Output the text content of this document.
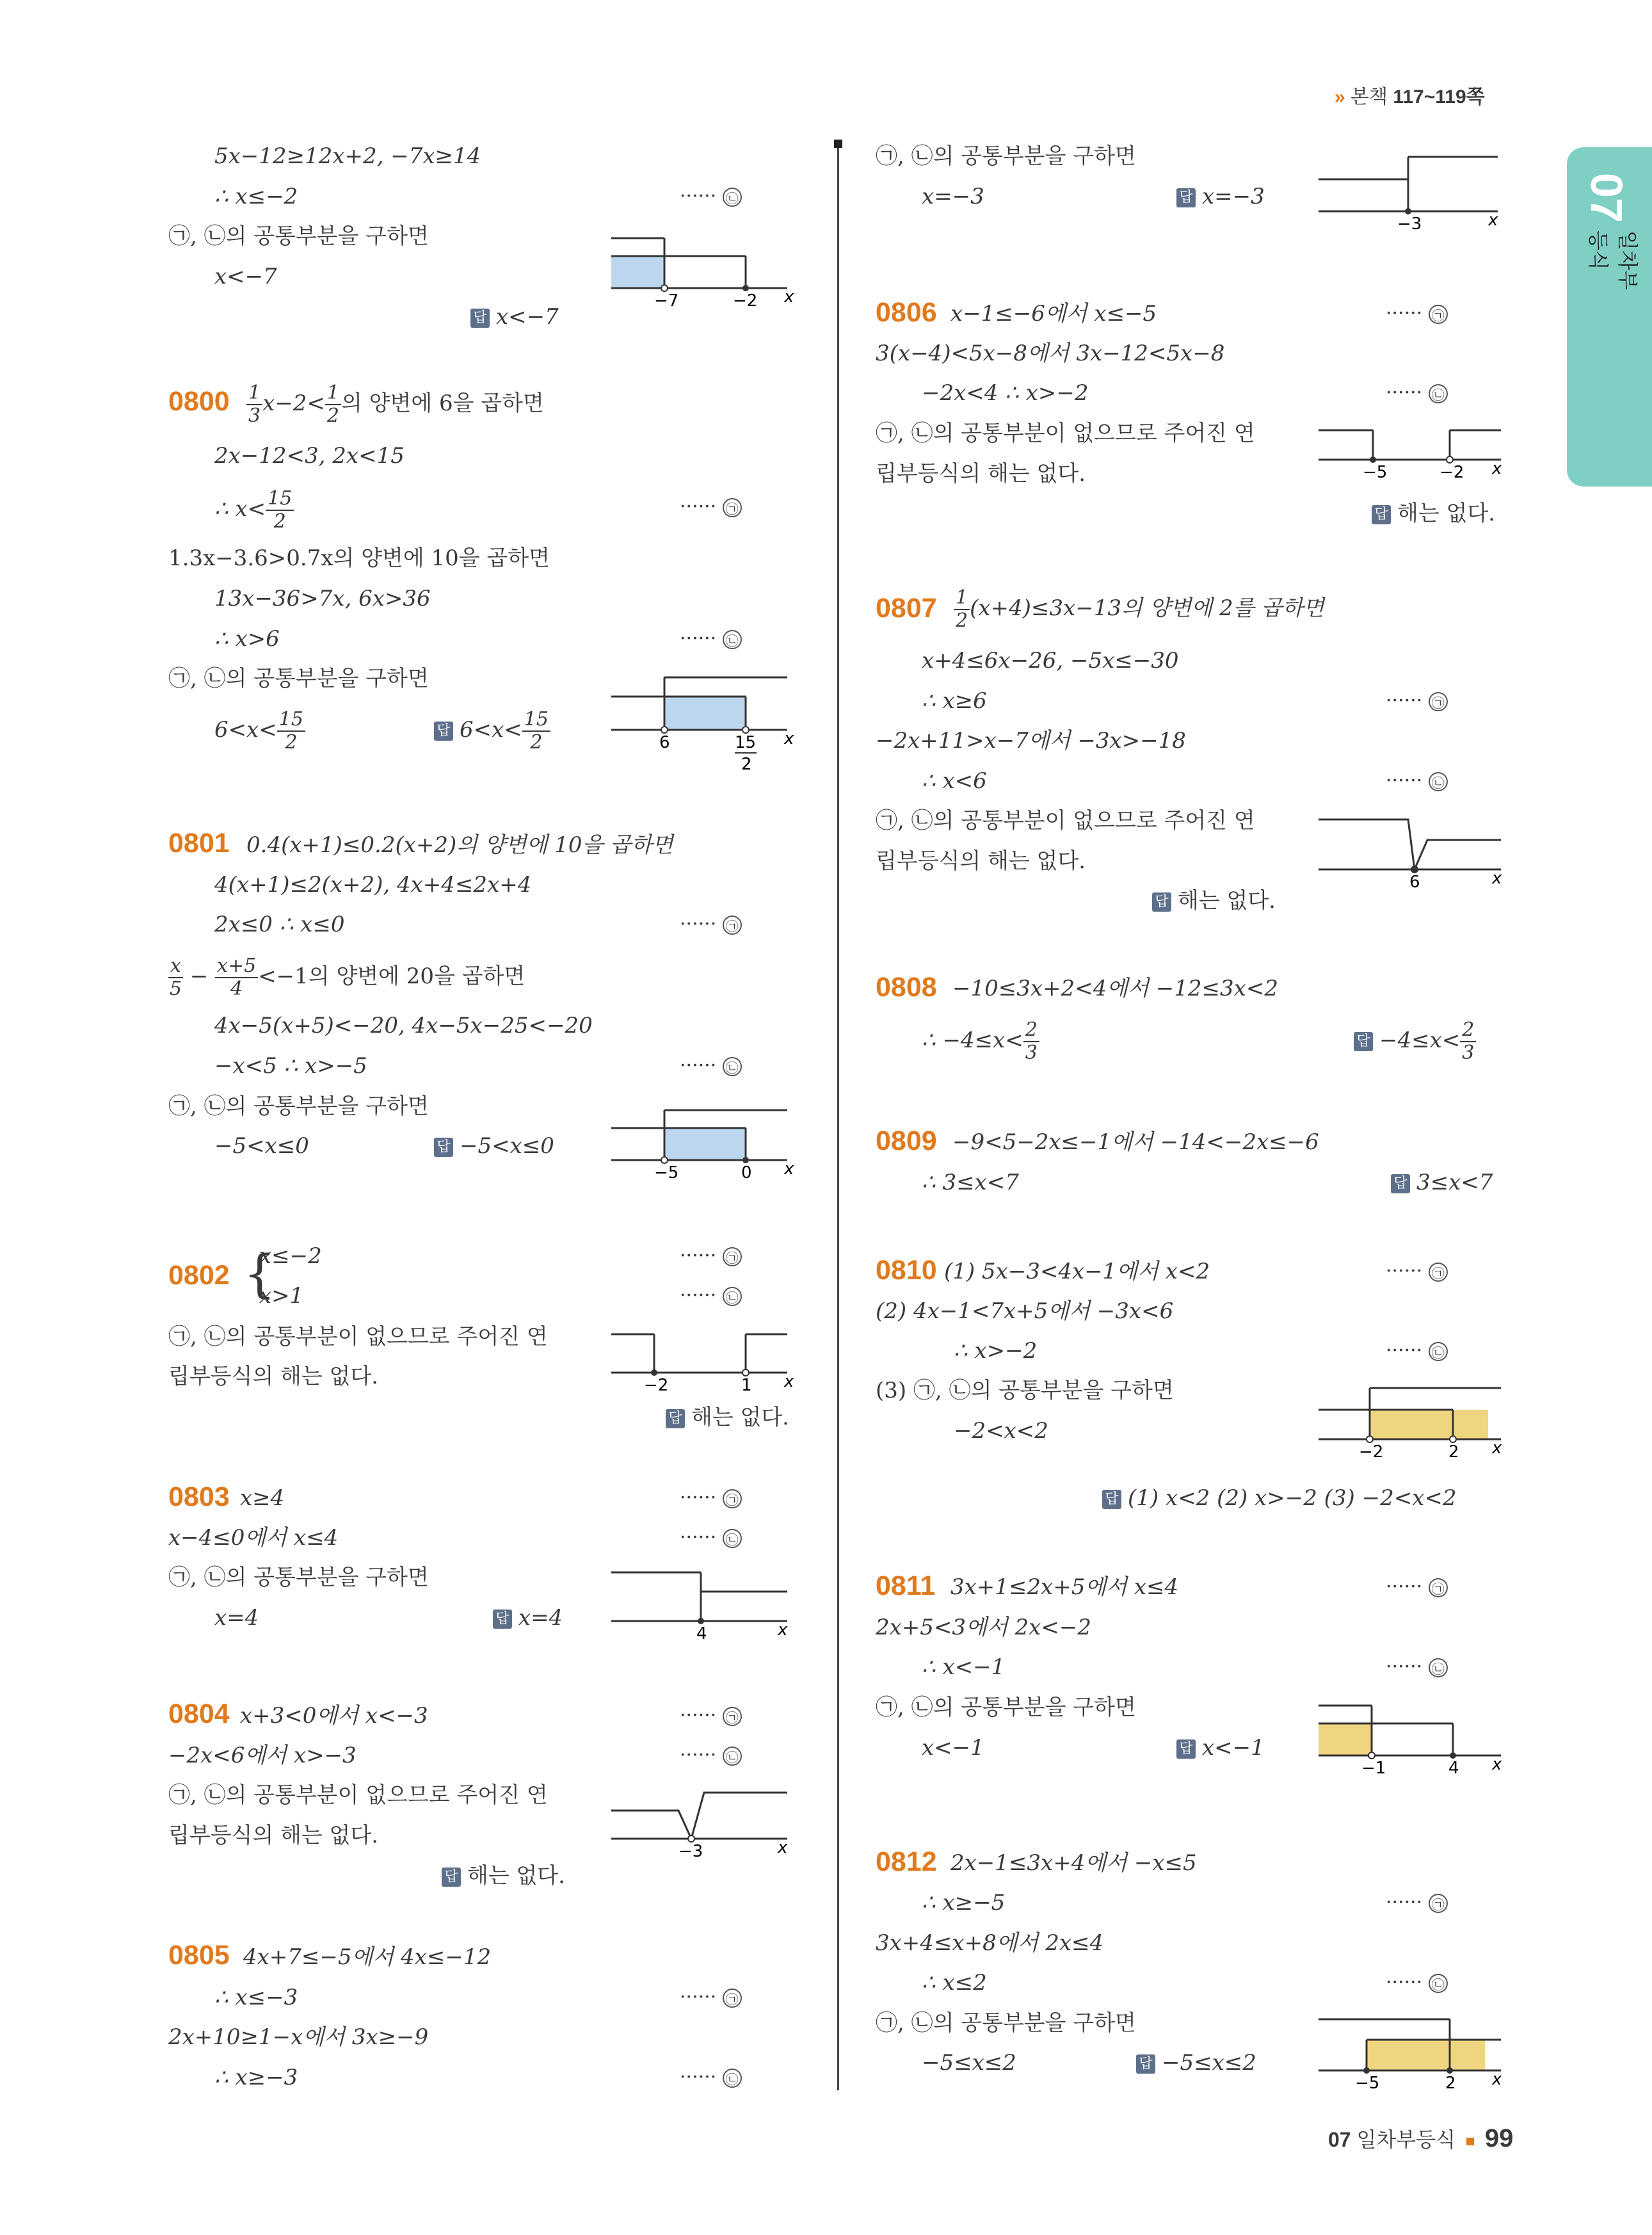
» 본책 117~119쪽
07
일차부등식
5x−12≥12x+2, −7x≥14
∴ x≤−2	······ ㉡
㉠, ㉡의 공통부분을 구하면
x<−7
답 x<−7
−7	−2 x
$0800 \frac{1}{3} x-2< \frac{1}{2}$ 의 양변에 6을 곱하면
2x−12<3, 2x<15
∴ $x< \frac{15}{2}$	······ ㉠
1.3x−3.6>0.7x의 양변에 10을 곱하면
13x−36>7x, 6x>36
∴ x>6	······ ㉡
㉠, ㉡의 공통부분을 구하면
$6<x< \frac{15}{2}$	답 $6<x< \frac{15}{2}$	6	15
2
x
0801 0.4(x+1)≤0.2(x+2)의 양변에 10을 곱하면
4(x+1)≤2(x+2), 4x+4≤2x+4
2x≤0 ∴ x≤0	······ ㉠
$\frac{x}{5} - \frac{x+5}{4} <-1$의 양변에 20을 곱하면
4x−5(x+5)<−20, 4x−5x−25<−20
−x<5 ∴ x>−5	······ ㉡
㉠, ㉡의 공통부분을 구하면
−5<x≤0	답 −5<x≤0
−5	0 x
0802 {
x≤−2	······ ㉠
x>1	······ ㉡
㉠, ㉡의 공통부분이 없으므로 주어진 연
립부등식의 해는 없다.
답 해는 없다.
−2	1 x
0803 x≥4	······ ㉠
x−4≤0에서 x≤4	······ ㉡
㉠, ㉡의 공통부분을 구하면
x=4	답 x=4
4	x
0804 x+3<0에서 x<−3	······ ㉠
−2x<6에서 x>−3	······ ㉡
㉠, ㉡의 공통부분이 없으므로 주어진 연
립부등식의 해는 없다.
답 해는 없다.
−3	x
0805 4x+7≤−5에서 4x≤−12
∴ x≤−3	······ ㉠
2x+10≥1−x에서 3x≥−9
∴ x≥−3	······ ㉡
㉠, ㉡의 공통부분을 구하면
x=−3	답 x=−3
−3	x
0806 x−1≤−6에서 x≤−5	······ ㉠
3(x−4)<5x−8에서 3x−12<5x−8
−2x<4 ∴ x>−2	······ ㉡
㉠, ㉡의 공통부분이 없으므로 주어진 연
립부등식의 해는 없다.
답 해는 없다.
−5	−2 x
$0807 \frac{1}{2} (x+4)\le 3x-13$의 양변에 2를 곱하면
x+4≤6x−26, −5x≤−30
∴ x≥6	······ ㉠
−2x+11>x−7에서 −3x>−18
∴ x<6	······ ㉡
㉠, ㉡의 공통부분이 없으므로 주어진 연
립부등식의 해는 없다.
답 해는 없다.
6	x
0808 −10≤3x+2<4에서 −12≤3x<2
∴ $-4\le x< \frac{2}{3}$	답 $-4\le x< \frac{2}{3}$
0809 −9<5−2x≤−1에서 −14<−2x≤−6
∴ 3≤x<7	답 3≤x<7
0810 (1) 5x−3<4x−1에서 x<2	······ ㉠
(2) 4x−1<7x+5에서 −3x<6
∴ x>−2	······ ㉡
(3) ㉠, ㉡의 공통부분을 구하면
−2<x<2
답 (1) x<2 (2) x>−2 (3) −2<x<2
−2	2 x
0811 3x+1≤2x+5에서 x≤4	······ ㉠
2x+5<3에서 2x<−2
∴ x<−1	······ ㉡
㉠, ㉡의 공통부분을 구하면
x<−1	답 x<−1
−1	4 x
0812 2x−1≤3x+4에서 −x≤5
∴ x≥−5	······ ㉠
3x+4≤x+8에서 2x≤4
∴ x≤2	······ ㉡
㉠, ㉡의 공통부분을 구하면
−5≤x≤2	답 −5≤x≤2
−5	2 x
07 일차부등식 99
